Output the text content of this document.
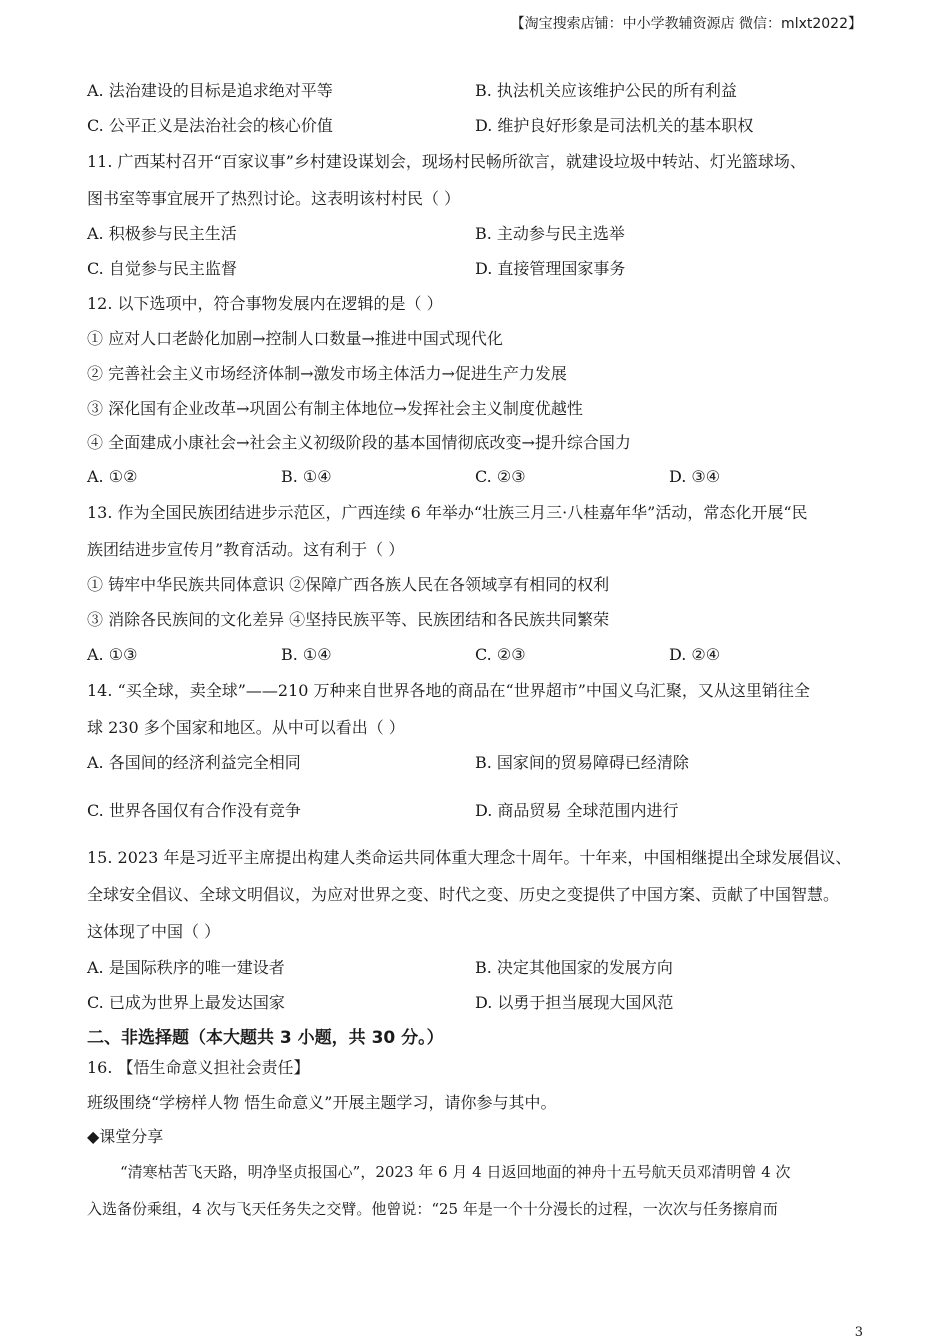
【淘宝搜索店铺：中小学教辅资源店 微信：mlxt2022】
A. 法治建设的目标是追求绝对平等	B. 执法机关应该维护公民的所有利益
C. 公平正义是法治社会的核心价值	D. 维护良好形象是司法机关的基本职权
11. 广西某村召开“百家议事”乡村建设谋划会，现场村民畅所欲言，就建设垃圾中转站、灯光篮球场、
图书室等事宜展开了热烈讨论。这表明该村村民（ ）
A. 积极参与民主生活	B. 主动参与民主选举
C. 自觉参与民主监督	D. 直接管理国家事务
12. 以下选项中，符合事物发展内在逻辑的是（ ）
① 应对人口老龄化加剧→控制人口数量→推进中国式现代化
② 完善社会主义市场经济体制→激发市场主体活力→促进生产力发展
③ 深化国有企业改革→巩固公有制主体地位→发挥社会主义制度优越性
④ 全面建成小康社会→社会主义初级阶段的基本国情彻底改变→提升综合国力
A. ①②	B. ①④	C. ②③	D. ③④
13. 作为全国民族团结进步示范区，广西连续 6 年举办“壮族三月三·八桂嘉年华”活动，常态化开展“民
族团结进步宣传月”教育活动。这有利于（ ）
① 铸牢中华民族共同体意识 ②保障广西各族人民在各领域享有相同的权利
③ 消除各民族间的文化差异 ④坚持民族平等、民族团结和各民族共同繁荣
A. ①③	B. ①④	C. ②③	D. ②④
14. “买全球，卖全球”——210 万种来自世界各地的商品在“世界超市”中国义乌汇聚，又从这里销往全
球 230 多个国家和地区。从中可以看出（ ）
A. 各国间的经济利益完全相同	B. 国家间的贸易障碍已经清除
C. 世界各国仅有合作没有竞争	D. 商品贸易 全球范围内进行
15. 2023 年是习近平主席提出构建人类命运共同体重大理念十周年。十年来，中国相继提出全球发展倡议、
全球安全倡议、全球文明倡议，为应对世界之变、时代之变、历史之变提供了中国方案、贡献了中国智慧。
这体现了中国（ ）
A. 是国际秩序的唯一建设者	B. 决定其他国家的发展方向
C. 已成为世界上最发达国家	D. 以勇于担当展现大国风范
二、非选择题（本大题共 3 小题，共 30 分。）
16. 【悟生命意义担社会责任】
班级围绕“学榜样人物 悟生命意义”开展主题学习，请你参与其中。
◆课堂分享
“清寒枯苦飞天路，明净坚贞报国心”，2023 年 6 月 4 日返回地面的神舟十五号航天员邓清明曾 4 次
入选备份乘组，4 次与飞天任务失之交臂。他曾说：“25 年是一个十分漫长的过程，一次次与任务擦肩而
3
